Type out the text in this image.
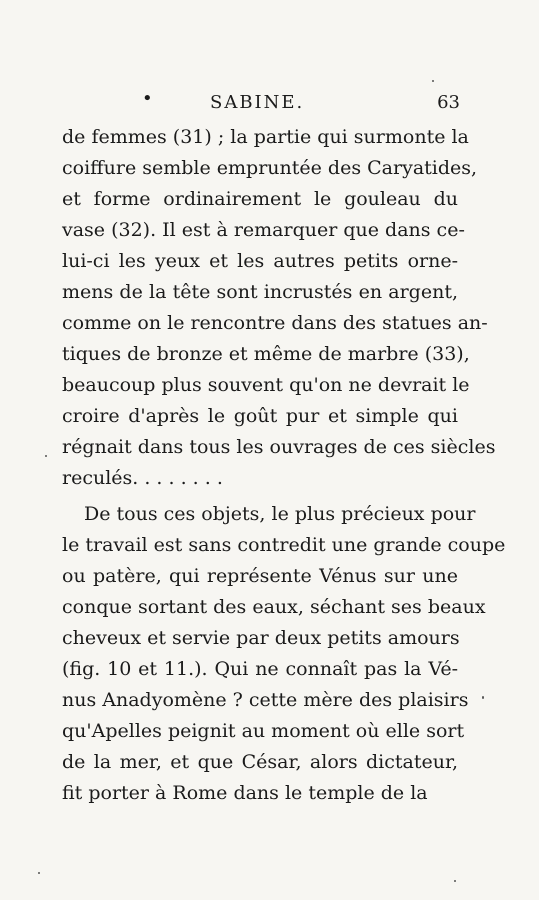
•	SABINE.	63
de femmes (31) ; la partie qui surmonte la
coiffure semble empruntée des Caryatides,
et forme ordinairement le gouleau du
vase (32). Il est à remarquer que dans ce-
lui-ci les yeux et les autres petits orne-
mens de la tête sont incrustés en argent,
comme on le rencontre dans des statues an-
tiques de bronze et même de marbre (33),
beaucoup plus souvent qu'on ne devrait le
croire d'après le goût pur et simple qui
régnait dans tous les ouvrages de ces siècles
reculés. . . . . . . .
De tous ces objets, le plus précieux pour
le travail est sans contredit une grande coupe
ou patère, qui représente Vénus sur une
conque sortant des eaux, séchant ses beaux
cheveux et servie par deux petits amours
(fig. 10 et 11.). Qui ne connaît pas la Vé-
nus Anadyomène ? cette mère des plaisirs
qu'Apelles peignit au moment où elle sort
de la mer, et que César, alors dictateur,
fit porter à Rome dans le temple de la
